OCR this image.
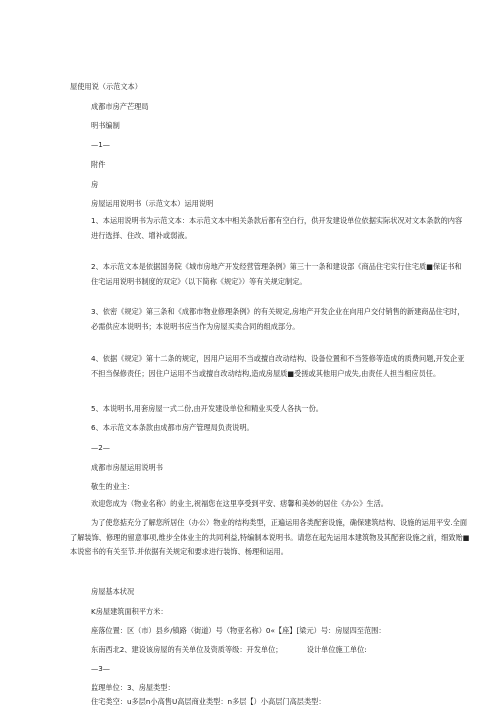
屋使用说（示范文本）
成都市房产芒理局
明书编制
—1—
附件
房
房屋运用说明书（示范文本）运用说明
1、本运用说明书为示范文本：本示范文本中相关条款后都有空白行，供开发建设单位依据实际状况对文本条款的内容进行选择、住改、增补或弱液。
2、本示范文本是依据国务院《城市房地产开发经营管理条例》第三十一条和建设部《商品住宅实行住宅质■保证书和住宅运用说明书制度的双定》（以下简称《规定》）等有关规定制定。
3、依密《规定》第三条和《成都市物业修理条例》的有关规定,房地产开发企业在向用户交付销售的新建商品住宅时，必需供应本说明书；本说明书应当作为房屋买卖合同的组成部分。
4、依据《规定》第十二条的规定，因用户运用不当或擅自改动结构、设备位置和不当签修等造成的质费问题,开发企亚不担当保修责任；因住户运用不当或擅自改动结构,造成房屋质■受搓或其他用户成失,由责任人担当相应员任。
5、本说明书,用套房屋一式二份,由开发建设单位和精业买受人各执一份。
6、本示范文本条款由成都市房产管理局负责说明。
—2—
成都市房屋运用说明书
敬生的业主：
欢迎您成为（物业名称）的业主,祝福您在这里享受到平安、痞馨和美妙的居住《办公》生活。
为了使您掂充分了解您所居住（办公）物业的结构类型，正遍运用各类配套设施，确保建筑结构、设施的运用平安.全面了解装饰、修理的留意事项,维步全体业主的共同利益,特编制本说明书。请您在起先运用本建筑物及其配套设施之前，细致贻■本说密书的有关至节.并依据有关规定和要求进行装饰、杨理和运用。
房屋基本状况
K房屋建筑面积平方米：
座落位置：区（市）县乡/镇路（街道）号（物亚名称）0«【座】[梁元）号：房屋四至范围：
东南西北2、建设该房屋的有关单位及资质等级：开发单位；	设计单位施工单位:
—3—
监理单位：3、房屋类型：
住宅类空：u多层n小高售U高层商业类型：n多层【）小高层门高层类型：
